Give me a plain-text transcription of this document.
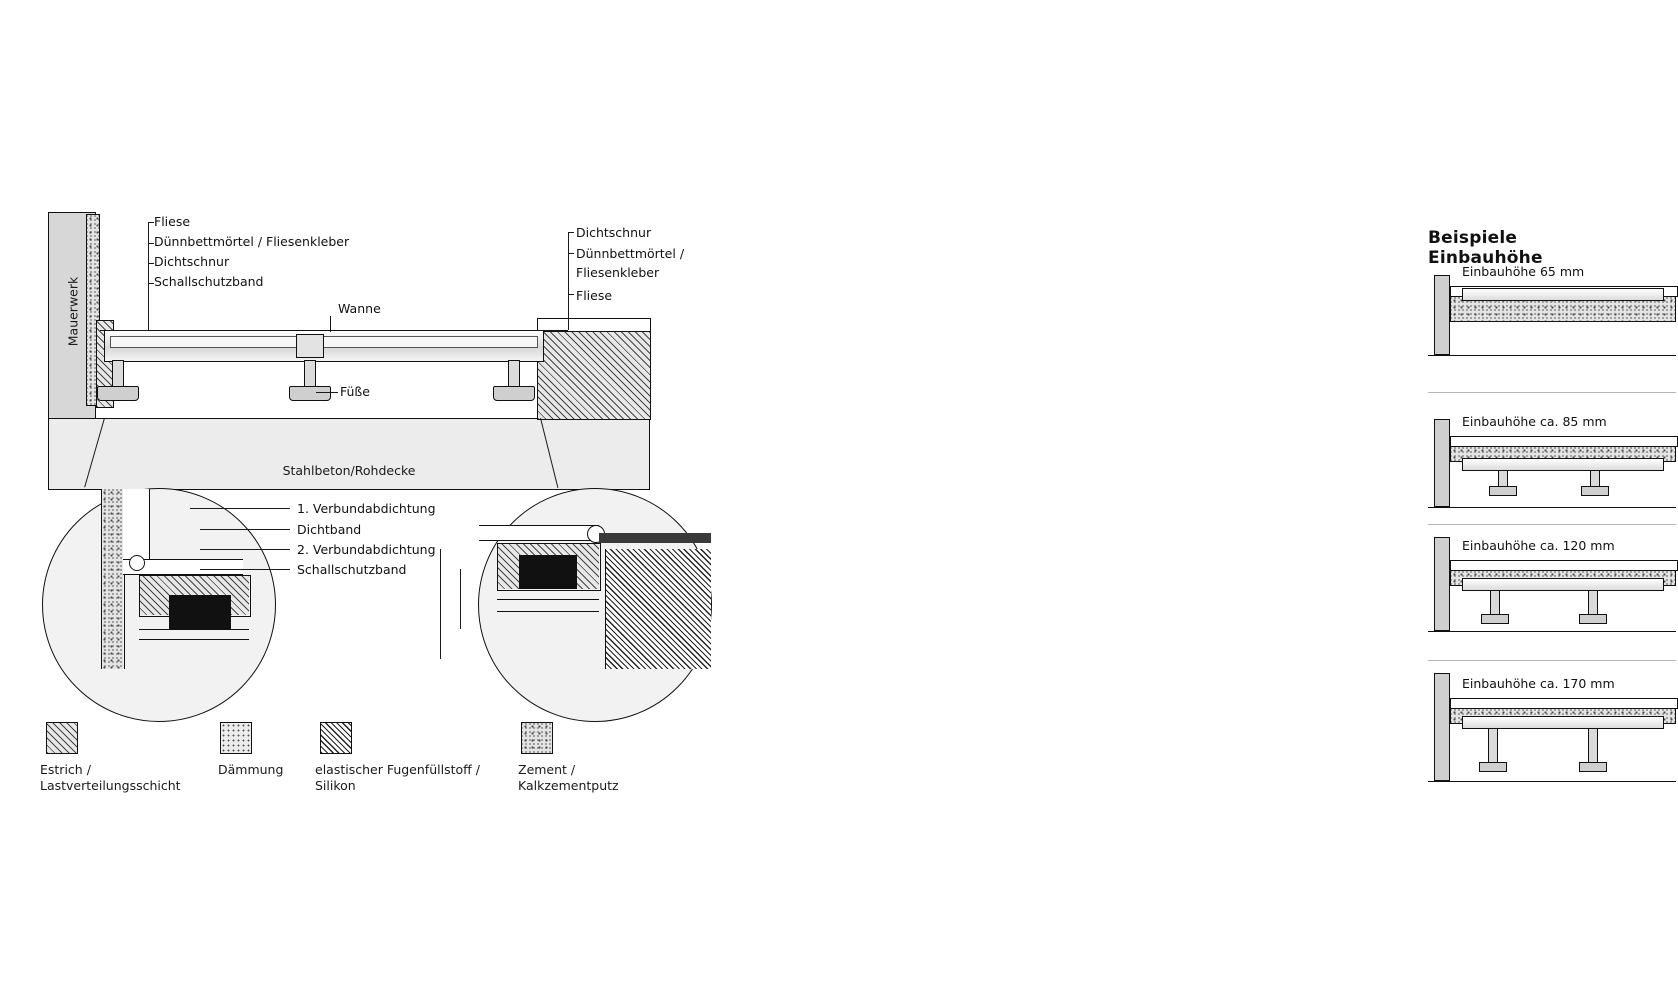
Mauerwerk
Stahlbeton/Rohdecke
Fliese
Dünnbettmörtel / Fliesenkleber
Dichtschnur
Schallschutzband
Wanne
Füße
Dichtschnur
Dünnbettmörtel /
Fliesenkleber
Fliese
1. Verbundabdichtung
Dichtband
2. Verbundabdichtung
Schallschutzband
Estrich /
Lastverteilungsschicht
Dämmung	elastischer Fugenfüllstoff /
Silikon
Zement /
Kalkzementputz
Beispiele Einbauhöhe
Einbauhöhe 65 mm
Einbauhöhe ca. 85 mm
Einbauhöhe ca. 120 mm
Einbauhöhe ca. 170 mm
